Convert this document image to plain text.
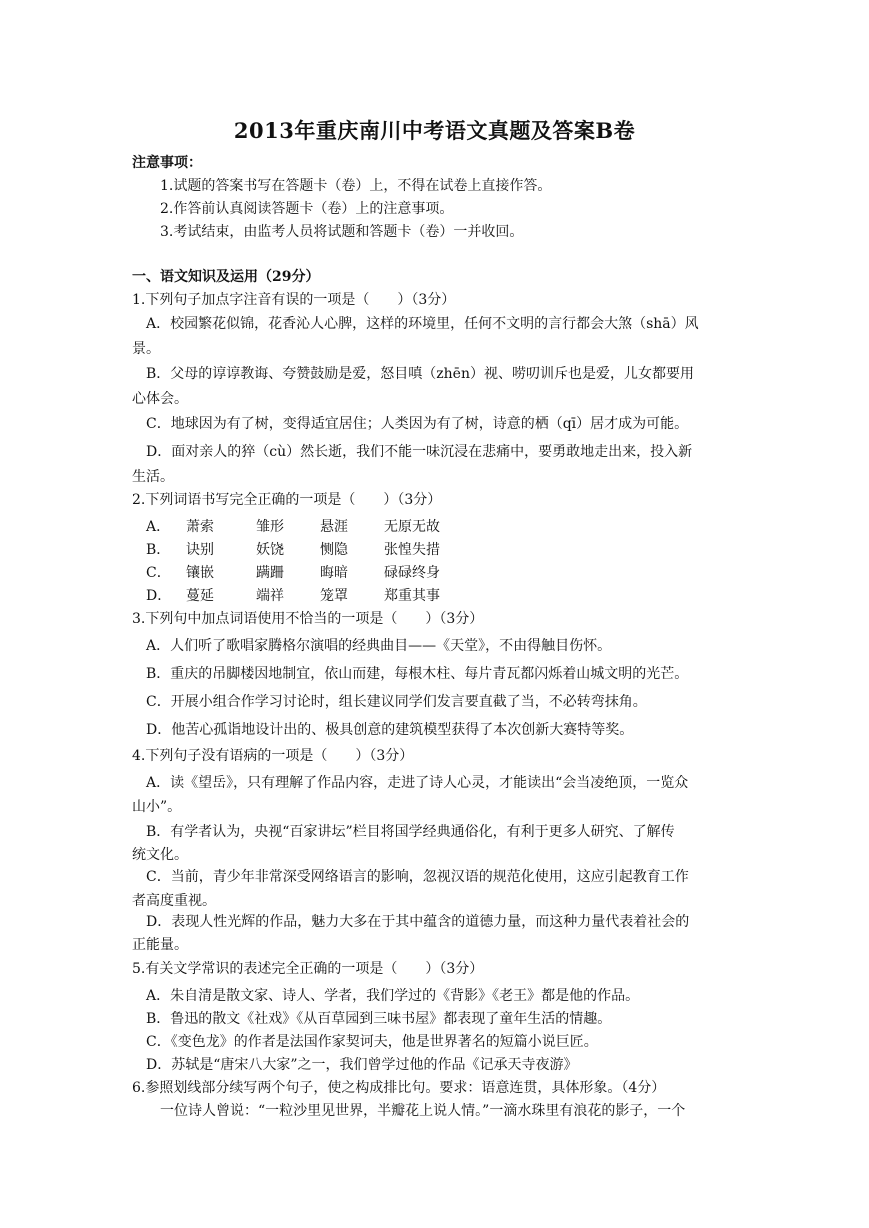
2013年重庆南川中考语文真题及答案B卷
注意事项：
1.试题的答案书写在答题卡（卷）上，不得在试卷上直接作答。
2.作答前认真阅读答题卡（卷）上的注意事项。
3.考试结束，由监考人员将试题和答题卡（卷）一并收回。
一、语文知识及运用（29分）
1.下列句子加点字注音有误的一项是（　　）（3分）
A．校园繁花似锦，花香沁人心脾，这样的环境里，任何不文明的言行都会大煞（shā）风
景。
B．父母的谆谆教诲、夸赞鼓励是爱，怒目嗔（zhēn）视、唠叨训斥也是爱，儿女都要用
心体会。
C．地球因为有了树，变得适宜居住；人类因为有了树，诗意的栖（qī）居才成为可能。
D．面对亲人的猝（cù）然长逝，我们不能一味沉浸在悲痛中，要勇敢地走出来，投入新
生活。
2.下列词语书写完全正确的一项是（　　）（3分）
A．	萧索	雏形	悬涯	无原无故
B．	诀别	妖饶	恻隐	张惶失措
C．	镶嵌	蹒跚	晦暗	碌碌终身
D．	蔓延	端祥	笼罩	郑重其事
3.下列句中加点词语使用不恰当的一项是（　　）（3分）
A．人们听了歌唱家腾格尔演唱的经典曲目——《天堂》，不由得触目伤怀。
B．重庆的吊脚楼因地制宜，依山而建，每根木柱、每片青瓦都闪烁着山城文明的光芒。
C．开展小组合作学习讨论时，组长建议同学们发言要直截了当，不必转弯抹角。
D．他苦心孤诣地设计出的、极具创意的建筑模型获得了本次创新大赛特等奖。
4.下列句子没有语病的一项是（　　）（3分）
A．读《望岳》，只有理解了作品内容，走进了诗人心灵，才能读出“会当凌绝顶，一览众
山小”。
B．有学者认为，央视“百家讲坛”栏目将国学经典通俗化，有利于更多人研究、了解传
统文化。
C．当前，青少年非常深受网络语言的影响，忽视汉语的规范化使用，这应引起教育工作
者高度重视。
D．表现人性光辉的作品，魅力大多在于其中蕴含的道德力量，而这种力量代表着社会的
正能量。
5.有关文学常识的表述完全正确的一项是（　　）（3分）
A．朱自清是散文家、诗人、学者，我们学过的《背影》《老王》都是他的作品。
B．鲁迅的散文《社戏》《从百草园到三味书屋》都表现了童年生活的情趣。
C．《变色龙》的作者是法国作家契诃夫，他是世界著名的短篇小说巨匠。
D．苏轼是“唐宋八大家”之一，我们曾学过他的作品《记承天寺夜游》
6.参照划线部分续写两个句子，使之构成排比句。要求：语意连贯，具体形象。（4分）
一位诗人曾说：“一粒沙里见世界，半瓣花上说人情。”一滴水珠里有浪花的影子，一个
